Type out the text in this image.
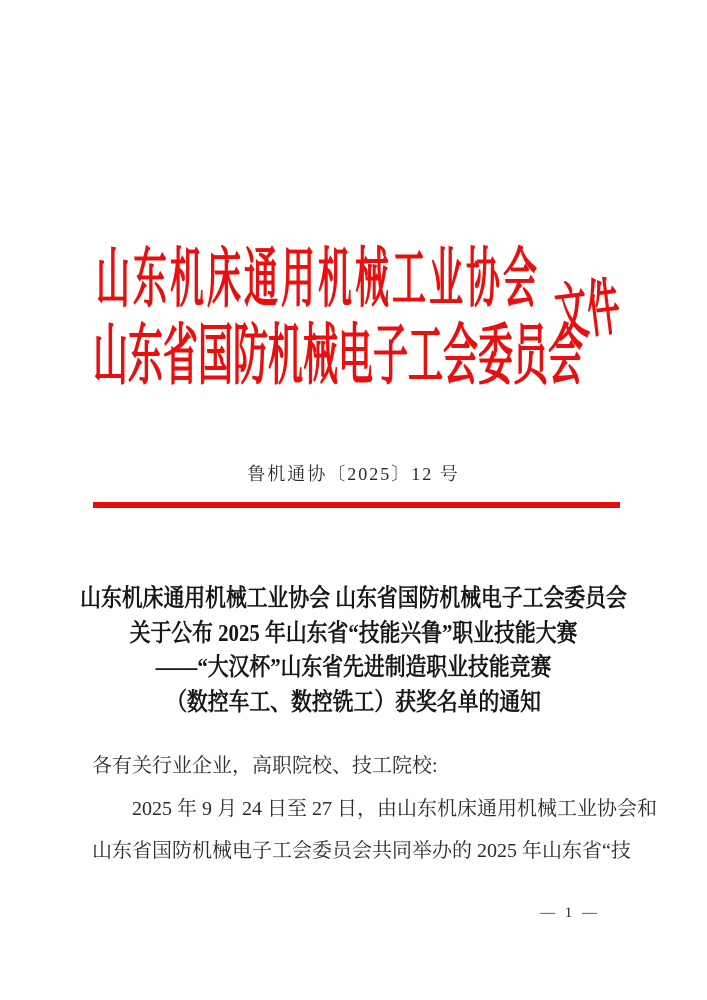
山东机床通用机械工业协会
山东省国防机械电子工会委员会
文件
鲁机通协〔2025〕12 号
山东机床通用机械工业协会 山东省国防机械电子工会委员会
关于公布 2025 年山东省“技能兴鲁”职业技能大赛
——“大汉杯”山东省先进制造职业技能竞赛
（数控车工、数控铣工）获奖名单的通知
各有关行业企业，高职院校、技工院校:
2025 年 9 月 24 日至 27 日，由山东机床通用机械工业协会和
山东省国防机械电子工会委员会共同举办的 2025 年山东省“技
— 1 —
